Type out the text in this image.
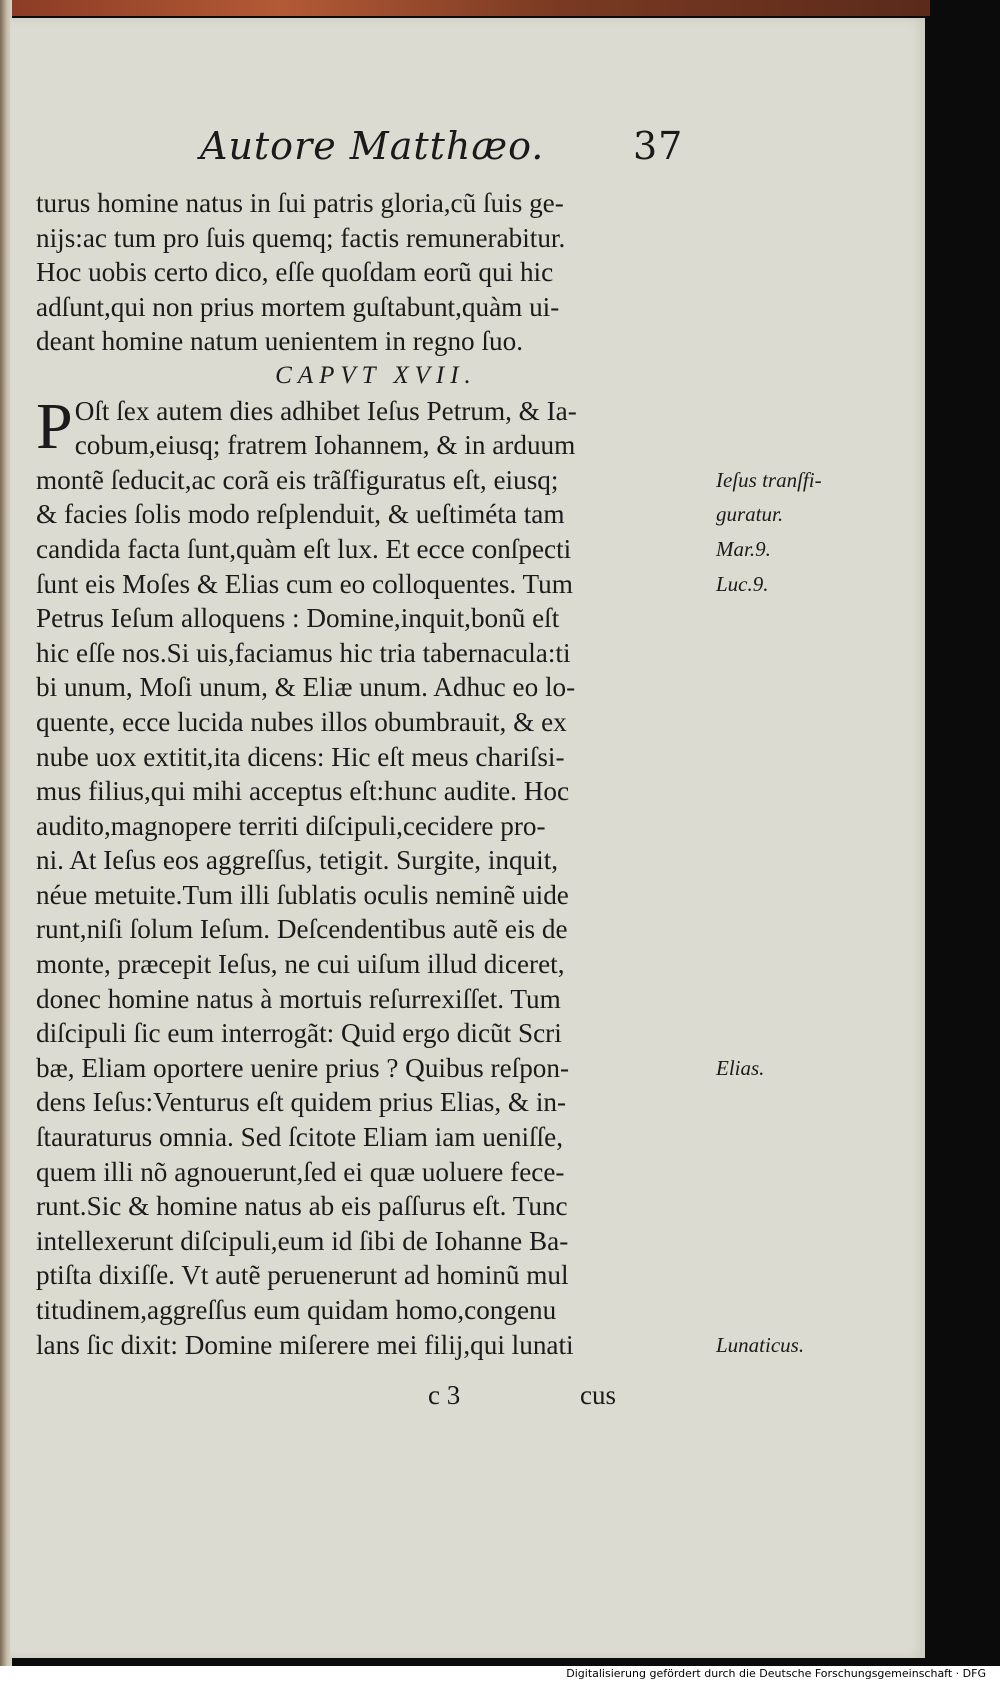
Autore Matthæo. 37
turus homine natus in ſui patris gloria,cũ ſuis ge-
nijs:ac tum pro ſuis quemq; factis remunerabitur.
Hoc uobis certo dico, eſſe quoſdam eorũ qui hic
adſunt,qui non prius mortem guſtabunt,quàm ui-
deant homine natum uenientem in regno ſuo.
CAPVT XVII.
P Oſt ſex autem dies adhibet Ieſus Petrum, & Ia-
cobum,eiusq; fratrem Iohannem, & in arduum
montẽ ſeducit,ac corã eis trãſfiguratus eſt, eiusq;
& facies ſolis modo reſplenduit, & ueſtiméta tam
candida facta ſunt,quàm eſt lux. Et ecce conſpecti
ſunt eis Moſes & Elias cum eo colloquentes. Tum
Petrus Ieſum alloquens : Domine,inquit,bonũ eſt
hic eſſe nos.Si uis,faciamus hic tria tabernacula:ti
bi unum, Moſi unum, & Eliæ unum. Adhuc eo lo-
quente, ecce lucida nubes illos obumbrauit, & ex
nube uox extitit,ita dicens: Hic eſt meus chariſsi-
mus filius,qui mihi acceptus eſt:hunc audite. Hoc
audito,magnopere territi diſcipuli,cecidere pro-
ni. At Ieſus eos aggreſſus, tetigit. Surgite, inquit,
néue metuite.Tum illi ſublatis oculis neminẽ uide
runt,niſi ſolum Ieſum. Deſcendentibus autẽ eis de
monte, præcepit Ieſus, ne cui uiſum illud diceret,
donec homine natus à mortuis reſurrexiſſet. Tum
diſcipuli ſic eum interrogãt: Quid ergo dicũt Scri
bæ, Eliam oportere uenire prius ? Quibus reſpon-
dens Ieſus:Venturus eſt quidem prius Elias, & in-
ſtauraturus omnia. Sed ſcitote Eliam iam ueniſſe,
quem illi nõ agnouerunt,ſed ei quæ uoluere fece-
runt.Sic & homine natus ab eis paſſurus eſt. Tunc
intellexerunt diſcipuli,eum id ſibi de Iohanne Ba-
ptiſta dixiſſe. Vt autẽ peruenerunt ad hominũ mul
titudinem,aggreſſus eum quidam homo,congenu
lans ſic dixit: Domine miſerere mei filij,qui lunati
Ieſus tranſfi-
guratur.
Mar.9.
Luc.9.
Elias.
Lunaticus.
c 3	cus
Digitalisierung gefördert durch die Deutsche Forschungsgemeinschaft · DFG
